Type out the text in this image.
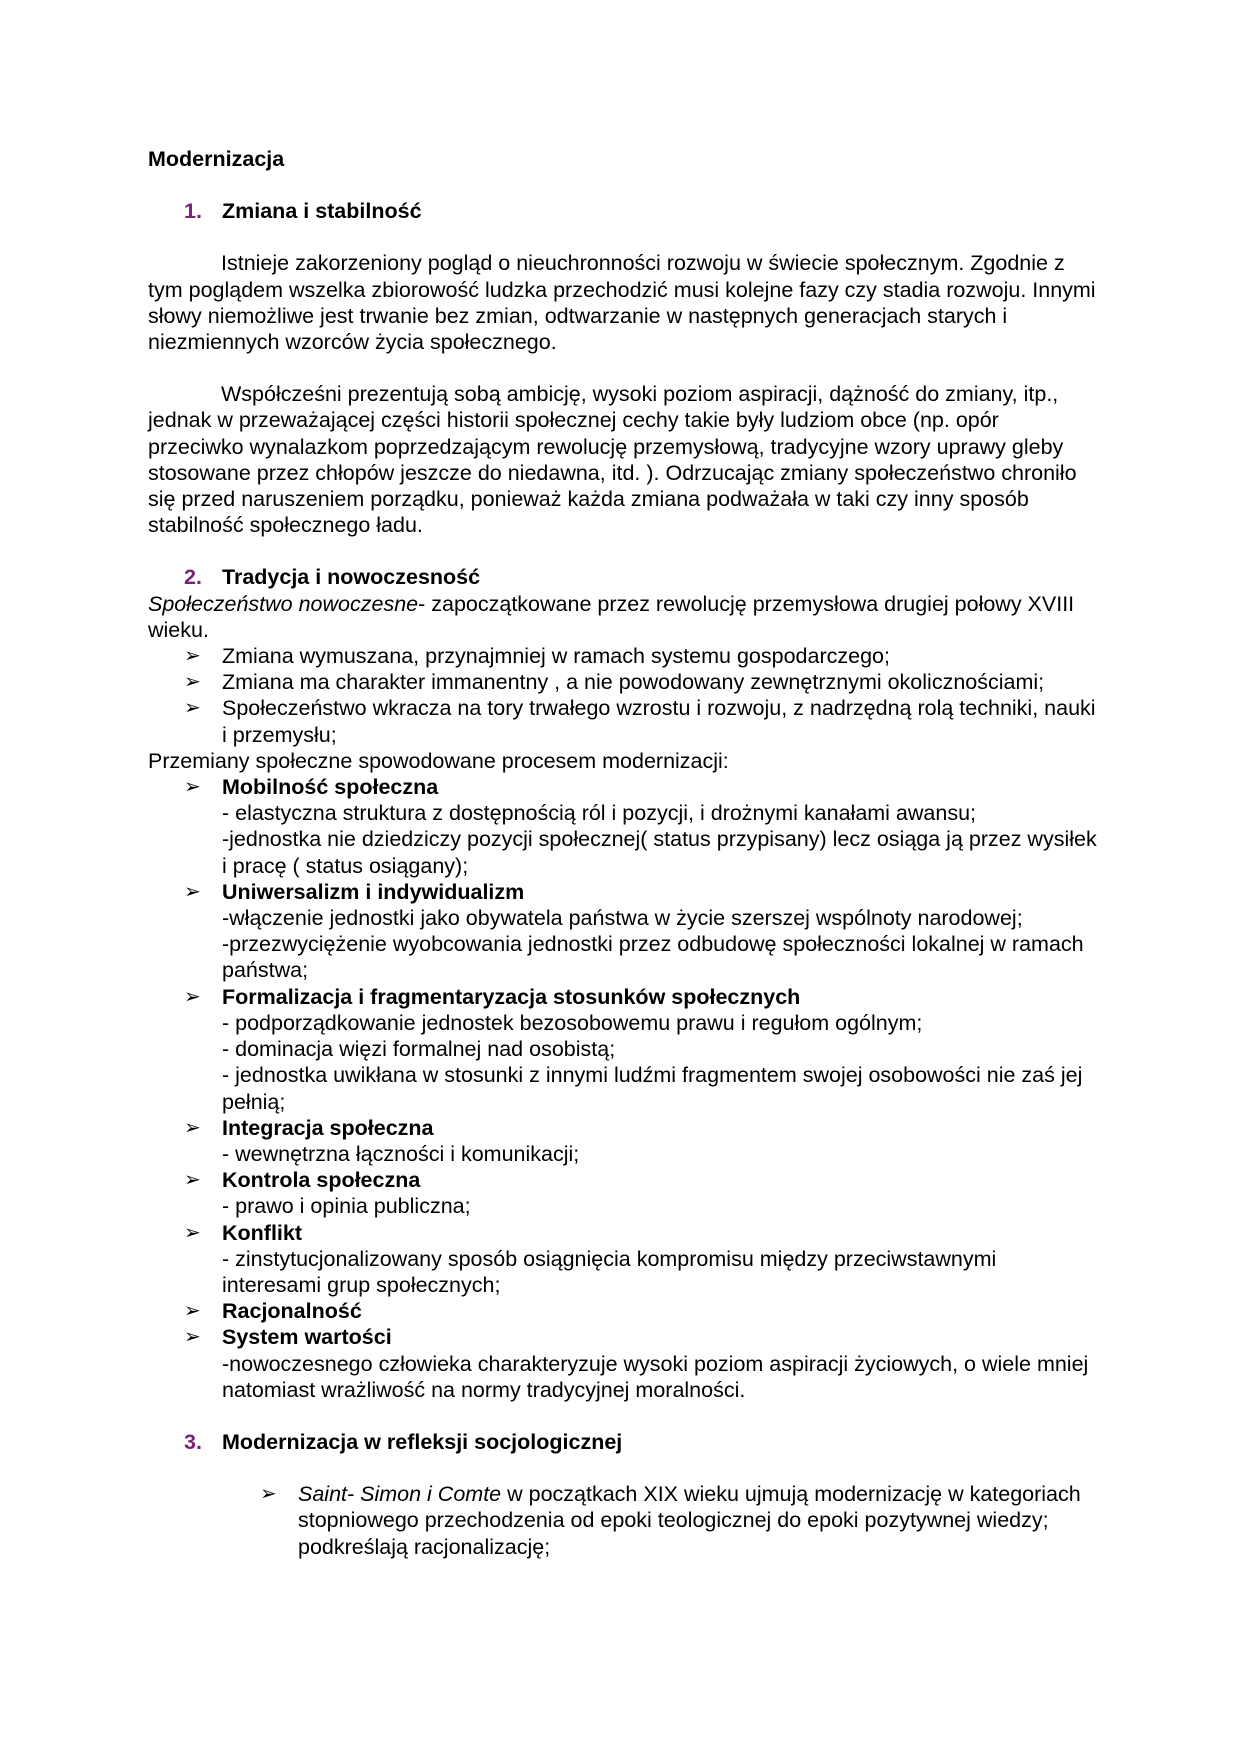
Modernizacja

1. Zmiana i stabilność

Istnieje zakorzeniony pogląd o nieuchronności rozwoju w świecie społecznym. Zgodnie z tym poglądem wszelka zbiorowość ludzka przechodzić musi kolejne fazy czy stadia rozwoju. Innymi słowy niemożliwe jest trwanie bez zmian, odtwarzanie w następnych generacjach starych i niezmiennych wzorców życia społecznego.

Współcześni prezentują sobą ambicję, wysoki poziom aspiracji, dążność do zmiany, itp., jednak w przeważającej części historii społecznej cechy takie były ludziom obce (np. opór przeciwko wynalazkom poprzedzającym rewolucję przemysłową, tradycyjne wzory uprawy gleby stosowane przez chłopów jeszcze do niedawna, itd. ). Odrzucając zmiany społeczeństwo chroniło się przed naruszeniem porządku, ponieważ każda zmiana podważała w taki czy inny sposób stabilność społecznego ładu.

2. Tradycja i nowoczesność

Społeczeństwo nowoczesne- zapoczątkowane przez rewolucję przemysłowa drugiej połowy XVIII wieku.

➢ Zmiana wymuszana, przynajmniej w ramach systemu gospodarczego;
➢ Zmiana ma charakter immanentny , a nie powodowany zewnętrznymi okolicznościami;
➢ Społeczeństwo wkracza na tory trwałego wzrostu i rozwoju, z nadrzędną rolą techniki, nauki i przemysłu;

Przemiany społeczne spowodowane procesem modernizacji:

➢ Mobilność społeczna
- elastyczna struktura z dostępnością ról i pozycji, i drożnymi kanałami awansu;
-jednostka nie dziedziczy pozycji społecznej( status przypisany) lecz osiąga ją przez wysiłek i pracę ( status osiągany);
➢ Uniwersalizm i indywidualizm
-włączenie jednostki jako obywatela państwa w życie szerszej wspólnoty narodowej;
-przezwyciężenie wyobcowania jednostki przez odbudowę społeczności lokalnej w ramach państwa;
➢ Formalizacja i fragmentaryzacja stosunków społecznych
- podporządkowanie jednostek bezosobowemu prawu i regułom ogólnym;
- dominacja więzi formalnej nad osobistą;
- jednostka uwikłana w stosunki z innymi ludźmi fragmentem swojej osobowości nie zaś jej pełnią;
➢ Integracja społeczna
- wewnętrzna łączności i komunikacji;
➢ Kontrola społeczna
- prawo i opinia publiczna;
➢ Konflikt
- zinstytucjonalizowany sposób osiągnięcia kompromisu między przeciwstawnymi interesami grup społecznych;
➢ Racjonalność
➢ System wartości
-nowoczesnego człowieka charakteryzuje wysoki poziom aspiracji życiowych, o wiele mniej natomiast wrażliwość na normy tradycyjnej moralności.
3. Modernizacja w refleksji socjologicznej
➢ Saint- Simon i Comte w początkach XIX wieku ujmują modernizację w kategoriach stopniowego przechodzenia od epoki teologicznej do epoki pozytywnej wiedzy; podkreślają racjonalizację;
